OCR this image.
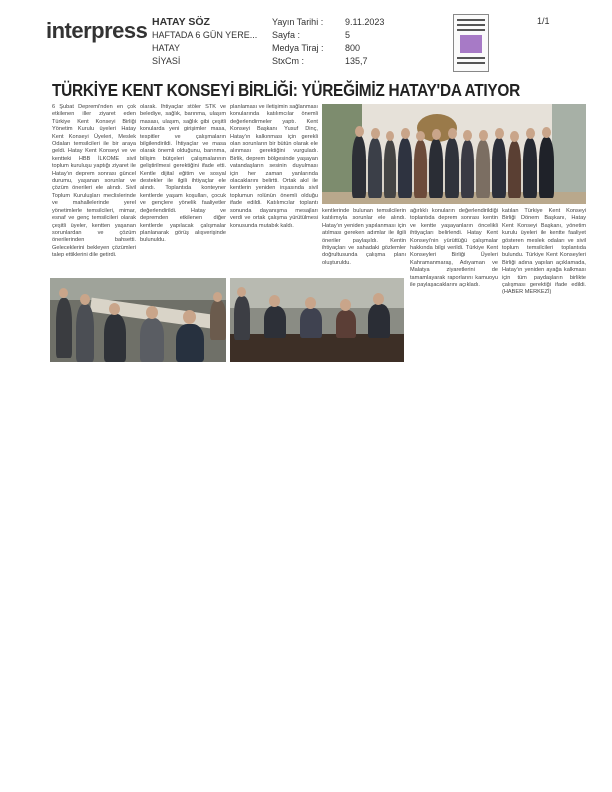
interpress HATAY SÖZ
HAFTADA 6 GÜN YERE...
HATAY
SİYASİ
Yayın Tarihi :
Sayfa :
Medya Tiraj :
StxCm :
9.11.2023
5
800
135,7
1/1
TÜRKİYE KENT KONSEYİ BİRLİĞİ: YÜREĞİMİZ HATAY'DA ATIYOR
6 Şubat Depremi'nden en çok etkilenen iller ziyaret eden Türkiye Kent Konseyi Birliği Yönetim Kurulu üyeleri Hatay Kent Konseyi Üyeleri, Meslek Odaları temsilcileri ile bir araya geldi. Hatay Kent Konseyi ve ve kentteki HBB İLKOME sivil toplum kuruluşu yaptığı ziyaret ile Hatay'ın deprem sonrası güncel durumu, yaşanan sorunlar ve çözüm önerileri ele alındı. Sivil Toplum Kuruluşları meclislerinde ve mahallelerinde yerel yönetimlerle temsilcileri, mimar, esnaf ve genç temsilcileri olarak çeşitli üyeler, kentten yaşanan sorunlardan ve çözüm önerilerinden bahsetti. Geleceklerini bekleyen çözümleri talep ettiklerini dile getirdi.
olarak. İhtiyaçlar stöler STK ve belediye, sağlık, barınma, ulaşım masası, ulaşım, sağlık gibi çeşitli konularda yeni girişimler masa, tespitler ve çalışmaların bilgilendirildi. İhtiyaçlar ve masa olarak önemli olduğunu, barınma, bilişim bütçeleri çalışmalarının geliştirilmesi gerektiğini ifade etti. Kentle dijital eğitim ve sosyal destekler ile ilgili ihtiyaçlar ele alındı. Toplantıda konteyner kentlerde yaşam koşulları, çocuk ve gençlere yönelik faaliyetler değerlendirildi. Hatay ve depremden etkilenen diğer kentlerde yapılacak çalışmalar planlanarak görüş alışverişinde bulunuldu.
planlaması ve iletişimin sağlanması konularında katılımcılar önemli değerlendirmeler yaptı. Kent Konseyi Başkanı Yusuf Dinç, Hatay'ın kalkınması için gerekli olan sorunların bir bütün olarak ele alınması gerektiğini vurguladı. Birlik, deprem bölgesinde yaşayan vatandaşların sesinin duyulması için her zaman yanlarında olacaklarını belirtti. Ortak akıl ile kentlerin yeniden inşasında sivil toplumun rolünün önemli olduğu ifade edildi. Katılımcılar toplantı sonunda dayanışma mesajları verdi ve ortak çalışma yürütülmesi konusunda mutabık kaldı.
kentlerinde bulunan temsilcilerin katılımıyla sorunlar ele alındı. Hatay'ın yeniden yapılanması için atılması gereken adımlar ile ilgili öneriler paylaşıldı. Kentin ihtiyaçları ve sahadaki gözlemler doğrultusunda çalışma planı oluşturuldu.
ağırlıklı konuların değerlendirildiği toplantıda deprem sonrası kentin ve kentte yaşayanların öncelikli ihtiyaçları belirlendi. Hatay Kent Konseyi'nin yürüttüğü çalışmalar hakkında bilgi verildi. Türkiye Kent Konseyleri Birliği Üyeleri Kahramanmaraş, Adıyaman ve Malatya ziyaretlerini de tamamlayarak raporlarını kamuoyu ile paylaşacaklarını açıkladı.
katılan Türkiye Kent Konseyi Birliği Dönem Başkanı, Hatay Kent Konseyi Başkanı, yönetim kurulu üyeleri ile kentte faaliyet gösteren meslek odaları ve sivil toplum temsilcileri toplantıda bulundu. Türkiye Kent Konseyleri Birliği adına yapılan açıklamada, Hatay'ın yeniden ayağa kalkması için tüm paydaşların birlikte çalışması gerektiği ifade edildi. (HABER MERKEZİ)
